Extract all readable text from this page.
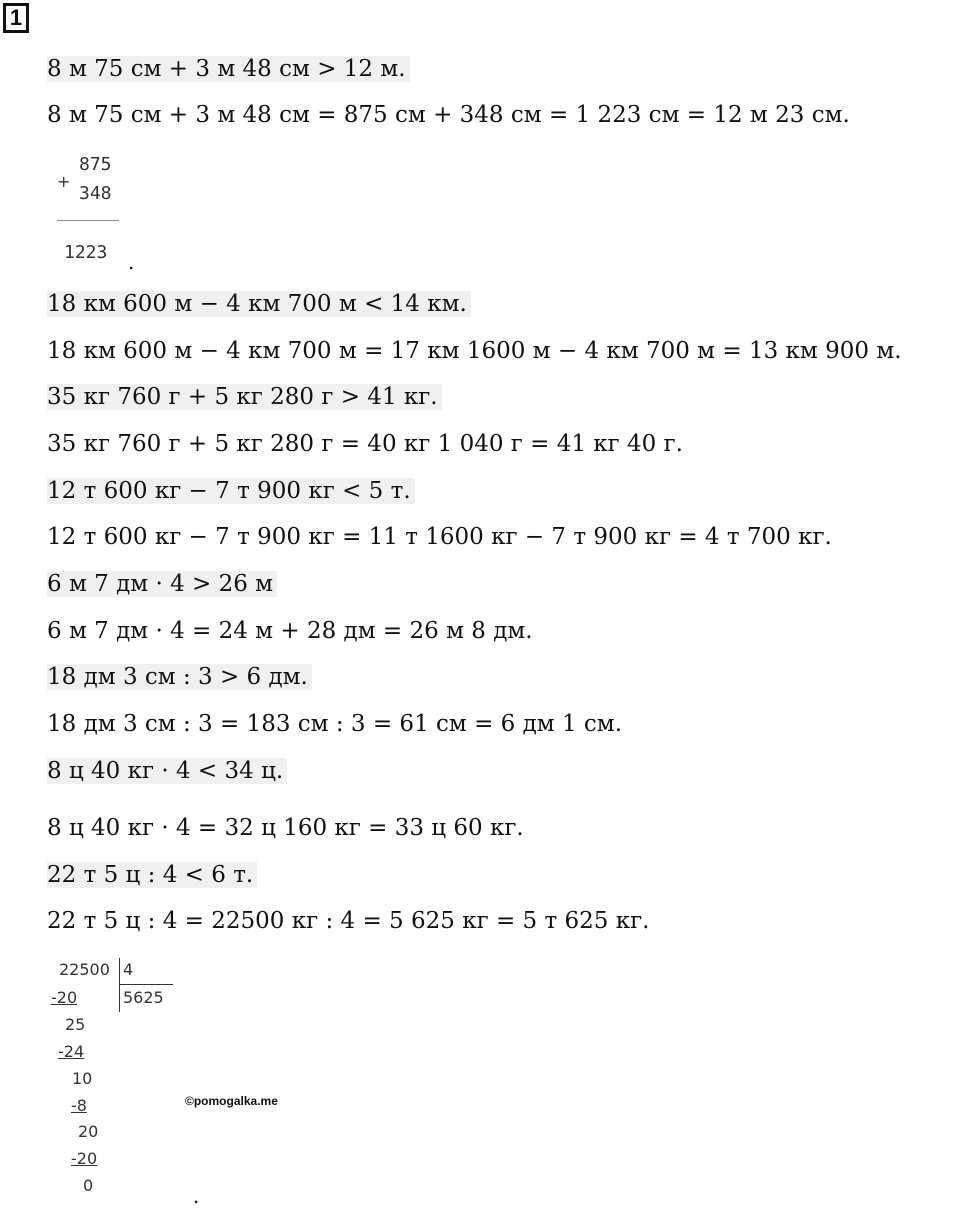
1
8 м 75 см + 3 м 48 см > 12 м.
8 м 75 см + 3 м 48 см = 875 см + 348 см = 1 223 см = 12 м 23 см.
+
875
348
1223 .
18 км 600 м − 4 км 700 м < 14 км.
18 км 600 м − 4 км 700 м = 17 км 1600 м − 4 км 700 м = 13 км 900 м.
35 кг 760 г + 5 кг 280 г > 41 кг.
35 кг 760 г + 5 кг 280 г = 40 кг 1 040 г = 41 кг 40 г.
12 т 600 кг − 7 т 900 кг < 5 т.
12 т 600 кг − 7 т 900 кг = 11 т 1600 кг − 7 т 900 кг = 4 т 700 кг.
6 м 7 дм · 4 > 26 м
6 м 7 дм · 4 = 24 м + 28 дм = 26 м 8 дм.
18 дм 3 см : 3 > 6 дм.
18 дм 3 см : 3 = 183 см : 3 = 61 см = 6 дм 1 см.
8 ц 40 кг · 4 < 34 ц.
8 ц 40 кг · 4 = 32 ц 160 кг = 33 ц 60 кг.
22 т 5 ц : 4 < 6 т.
22 т 5 ц : 4 = 22500 кг : 4 = 5 625 кг = 5 т 625 кг.
22500 4
5625
-20
25
-24
10
-8
20
-20
0	.
©pomogalka.me
